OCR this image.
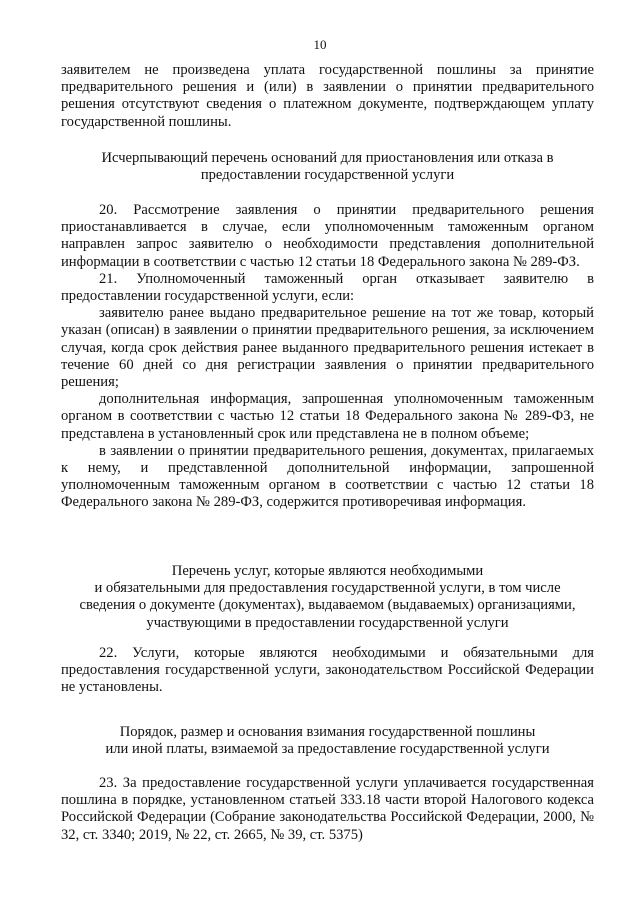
10

заявителем не произведена уплата государственной пошлины за принятие предварительного решения и (или) в заявлении о принятии предварительного решения отсутствуют сведения о платежном документе, подтверждающем уплату государственной пошлины.

Исчерпывающий перечень оснований для приостановления или отказа в

предоставлении государственной услуги

20. Рассмотрение заявления о принятии предварительного решения приостанавливается в случае, если уполномоченным таможенным органом направлен запрос заявителю о необходимости представления дополнительной информации в соответствии с частью 12 статьи 18 Федерального закона № 289-ФЗ.

21. Уполномоченный таможенный орган отказывает заявителю в предоставлении государственной услуги, если:

заявителю ранее выдано предварительное решение на тот же товар, который указан (описан) в заявлении о принятии предварительного решения, за исключением случая, когда срок действия ранее выданного предварительного решения истекает в течение 60 дней со дня регистрации заявления о принятии предварительного решения;

дополнительная информация, запрошенная уполномоченным таможенным органом в соответствии с частью 12 статьи 18 Федерального закона № 289-ФЗ, не представлена в установленный срок или представлена не в полном объеме;

в заявлении о принятии предварительного решения, документах, прилагаемых к нему, и представленной дополнительной информации, запрошенной уполномоченным таможенным органом в соответствии с частью 12 статьи 18 Федерального закона № 289-ФЗ, содержится противоречивая информация.

Перечень услуг, которые являются необходимыми

и обязательными для предоставления государственной услуги, в том числе

сведения о документе (документах), выдаваемом (выдаваемых) организациями,

участвующими в предоставлении государственной услуги

22. Услуги, которые являются необходимыми и обязательными для предоставления государственной услуги, законодательством Российской Федерации не установлены.

Порядок, размер и основания взимания государственной пошлины

или иной платы, взимаемой за предоставление государственной услуги

23. За предоставление государственной услуги уплачивается государственная пошлина в порядке, установленном статьей 333.18 части второй Налогового кодекса Российской Федерации (Собрание законодательства Российской Федерации, 2000, № 32, ст. 3340; 2019, № 22, ст. 2665, № 39, ст. 5375)
